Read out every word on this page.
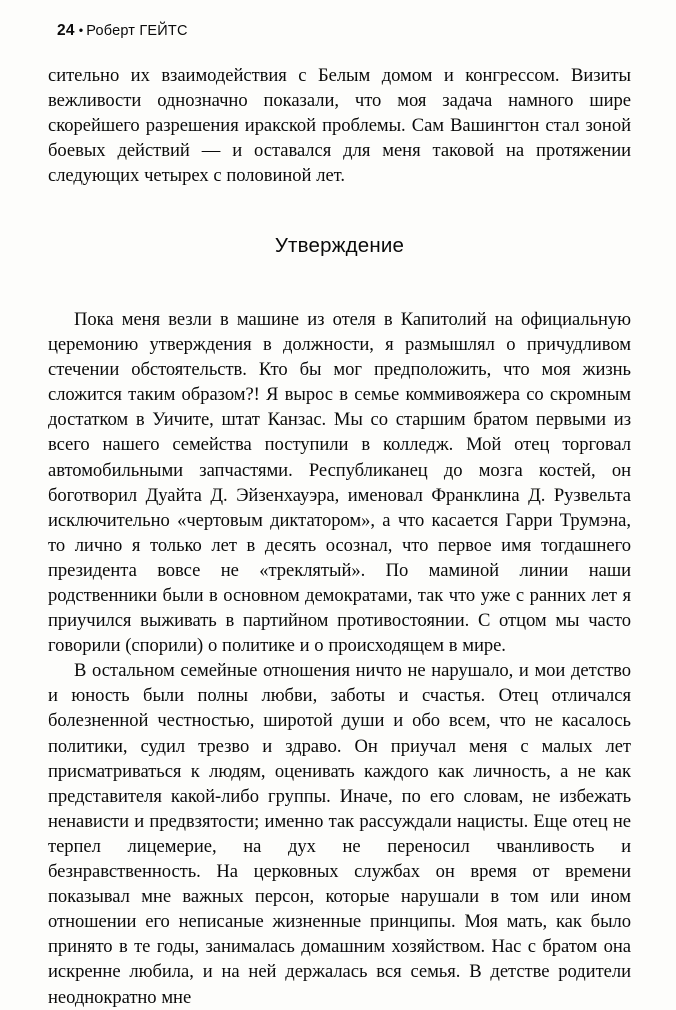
24 • Роберт ГЕЙТС

сительно их взаимодействия с Белым домом и конгрессом. Визиты вежливости однозначно показали, что моя задача намного шире скорейшего разрешения иракской проблемы. Сам Вашингтон стал зоной боевых действий — и оставался для меня таковой на протяжении следующих четырех с половиной лет.

Утверждение

Пока меня везли в машине из отеля в Капитолий на официальную церемонию утверждения в должности, я размышлял о причудливом стечении обстоятельств. Кто бы мог предположить, что моя жизнь сложится таким образом?! Я вырос в семье коммивояжера со скромным достатком в Уичите, штат Канзас. Мы со старшим братом первыми из всего нашего семейства поступили в колледж. Мой отец торговал автомобильными запчастями. Республиканец до мозга костей, он боготворил Дуайта Д. Эйзенхауэра, именовал Франклина Д. Рузвельта исключительно «чертовым диктатором», а что касается Гарри Трумэна, то лично я только лет в десять осознал, что первое имя тогдашнего президента вовсе не «треклятый». По маминой линии наши родственники были в основном демократами, так что уже с ранних лет я приучился выживать в партийном противостоянии. С отцом мы часто говорили (спорили) о политике и о происходящем в мире.

В остальном семейные отношения ничто не нарушало, и мои детство и юность были полны любви, заботы и счастья. Отец отличался болезненной честностью, широтой души и обо всем, что не касалось политики, судил трезво и здраво. Он приучал меня с малых лет присматриваться к людям, оценивать каждого как личность, а не как представителя какой-либо группы. Иначе, по его словам, не избежать ненависти и предвзятости; именно так рассуждали нацисты. Еще отец не терпел лицемерие, на дух не переносил чванливость и безнравственность. На церковных службах он время от времени показывал мне важных персон, которые нарушали в том или ином отношении его неписаные жизненные принципы. Моя мать, как было принято в те годы, занималась домашним хозяйством. Нас с братом она искренне любила, и на ней держалась вся семья. В детстве родители неоднократно мне
